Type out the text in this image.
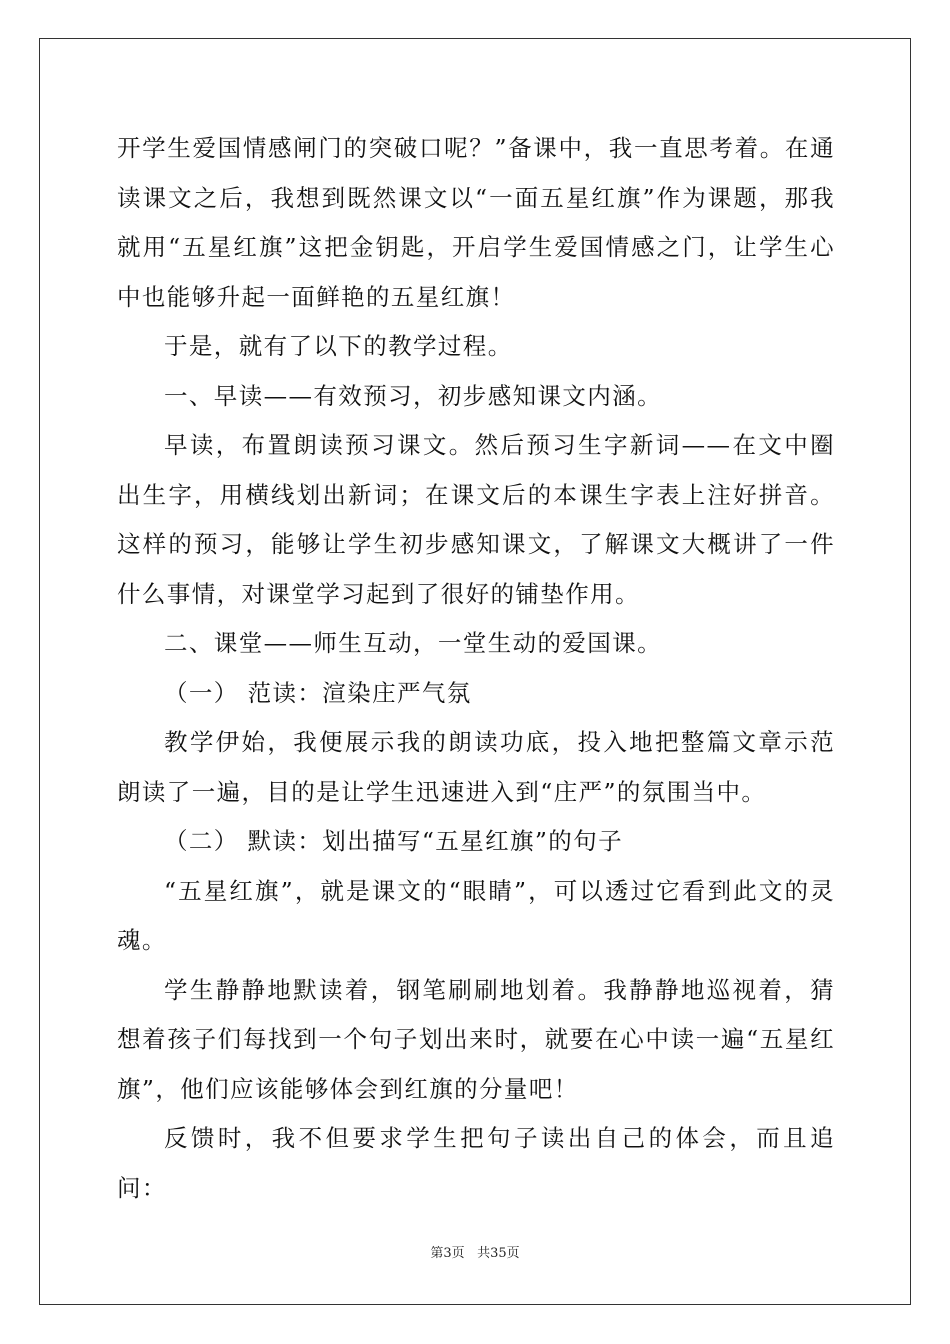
开学生爱国情感闸门的突破口呢？”备课中，我一直思考着。在通读课文之后，我想到既然课文以“一面五星红旗”作为课题，那我就用“五星红旗”这把金钥匙，开启学生爱国情感之门，让学生心中也能够升起一面鲜艳的五星红旗！

于是，就有了以下的教学过程。

一、早读——有效预习，初步感知课文内涵。

早读，布置朗读预习课文。然后预习生字新词——在文中圈出生字，用横线划出新词；在课文后的本课生字表上注好拼音。这样的预习，能够让学生初步感知课文，了解课文大概讲了一件什么事情，对课堂学习起到了很好的铺垫作用。

二、课堂——师生互动，一堂生动的爱国课。

（一） 范读：渲染庄严气氛

教学伊始，我便展示我的朗读功底，投入地把整篇文章示范朗读了一遍，目的是让学生迅速进入到“庄严”的氛围当中。

（二） 默读：划出描写“五星红旗”的句子

“五星红旗”，就是课文的“眼睛”，可以透过它看到此文的灵魂。

学生静静地默读着，钢笔刷刷地划着。我静静地巡视着，猜想着孩子们每找到一个句子划出来时，就要在心中读一遍“五星红旗”，他们应该能够体会到红旗的分量吧！

反馈时，我不但要求学生把句子读出自己的体会，而且追问：

第3页 共35页
